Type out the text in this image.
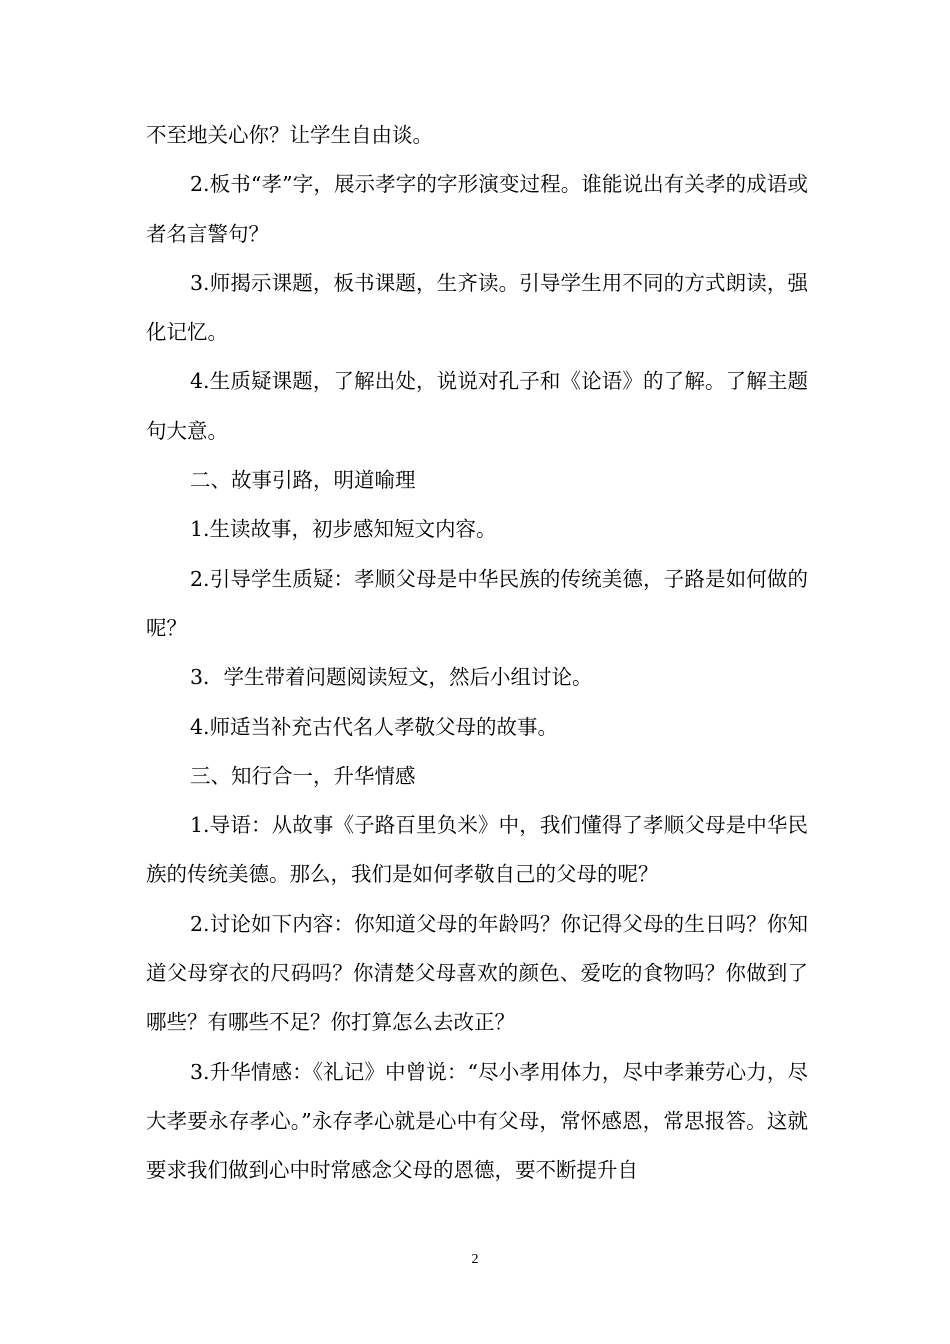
不至地关心你？让学生自由谈。

2.板书“孝”字，展示孝字的字形演变过程。谁能说出有关孝的成语或者名言警句？

3.师揭示课题，板书课题，生齐读。引导学生用不同的方式朗读，强化记忆。

4.生质疑课题，了解出处，说说对孔子和《论语》的了解。了解主题句大意。

二、故事引路，明道喻理

1.生读故事，初步感知短文内容。

2.引导学生质疑：孝顺父母是中华民族的传统美德，子路是如何做的呢？

3．学生带着问题阅读短文，然后小组讨论。

4.师适当补充古代名人孝敬父母的故事。

三、知行合一，升华情感

1.导语：从故事《子路百里负米》中，我们懂得了孝顺父母是中华民族的传统美德。那么，我们是如何孝敬自己的父母的呢？

2.讨论如下内容：你知道父母的年龄吗？你记得父母的生日吗？你知道父母穿衣的尺码吗？你清楚父母喜欢的颜色、爱吃的食物吗？你做到了哪些？有哪些不足？你打算怎么去改正？

3.升华情感：《礼记》中曾说：“尽小孝用体力，尽中孝兼劳心力，尽大孝要永存孝心。”永存孝心就是心中有父母，常怀感恩，常思报答。这就要求我们做到心中时常感念父母的恩德，要不断提升自

2
